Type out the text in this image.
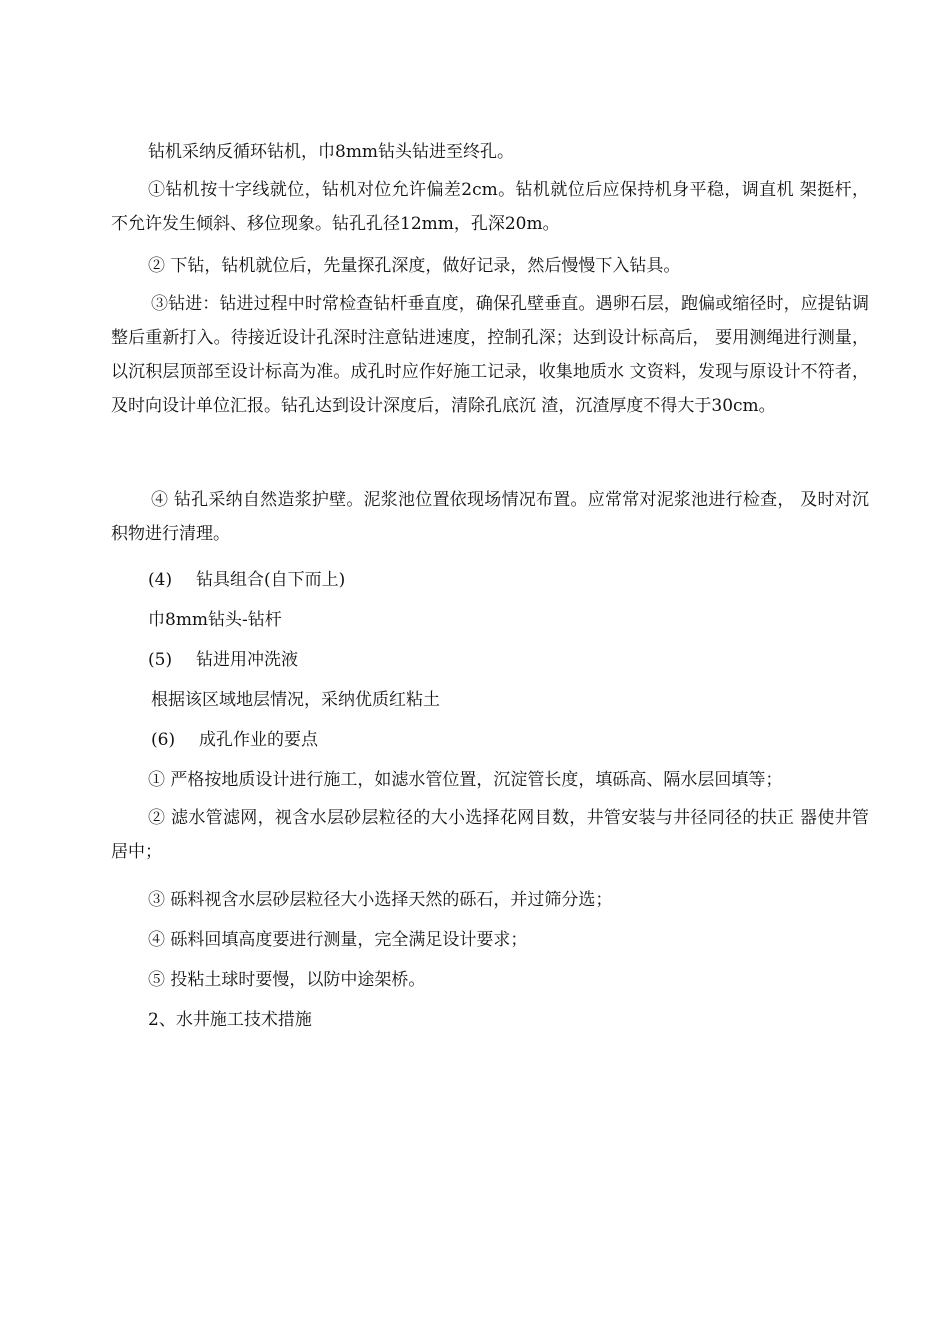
钻机采纳反循环钻机，巾8mm钻头钻进至终孔。

①钻机按十字线就位，钻机对位允许偏差2cm。钻机就位后应保持机身平稳，调直机 架挺杆，不允许发生倾斜、移位现象。钻孔孔径12mm，孔深20m。

② 下钻，钻机就位后，先量探孔深度，做好记录，然后慢慢下入钻具。

③钻进：钻进过程中时常检查钻杆垂直度，确保孔壁垂直。遇卵石层，跑偏或缩径时，应提钻调整后重新打入。待接近设计孔深时注意钻进速度，控制孔深；达到设计标高后， 要用测绳进行测量，以沉积层顶部至设计标高为准。成孔时应作好施工记录，收集地质水 文资料，发现与原设计不符者，及时向设计单位汇报。钻孔达到设计深度后，清除孔底沉 渣，沉渣厚度不得大于30cm。

④ 钻孔采纳自然造浆护壁。泥浆池位置依现场情况布置。应常常对泥浆池进行检查， 及时对沉积物进行清理。

(4) 钻具组合(自下而上)

巾8mm钻头-钻杆

(5) 钻进用冲洗液

根据该区域地层情况，采纳优质红粘土

(6) 成孔作业的要点

① 严格按地质设计进行施工，如滤水管位置，沉淀管长度，填砾高、隔水层回填等；

② 滤水管滤网，视含水层砂层粒径的大小选择花网目数，井管安装与井径同径的扶正 器使井管居中；

③ 砾料视含水层砂层粒径大小选择天然的砾石，并过筛分选；

④ 砾料回填高度要进行测量，完全满足设计要求；

⑤ 投粘土球时要慢，以防中途架桥。

2、水井施工技术措施
